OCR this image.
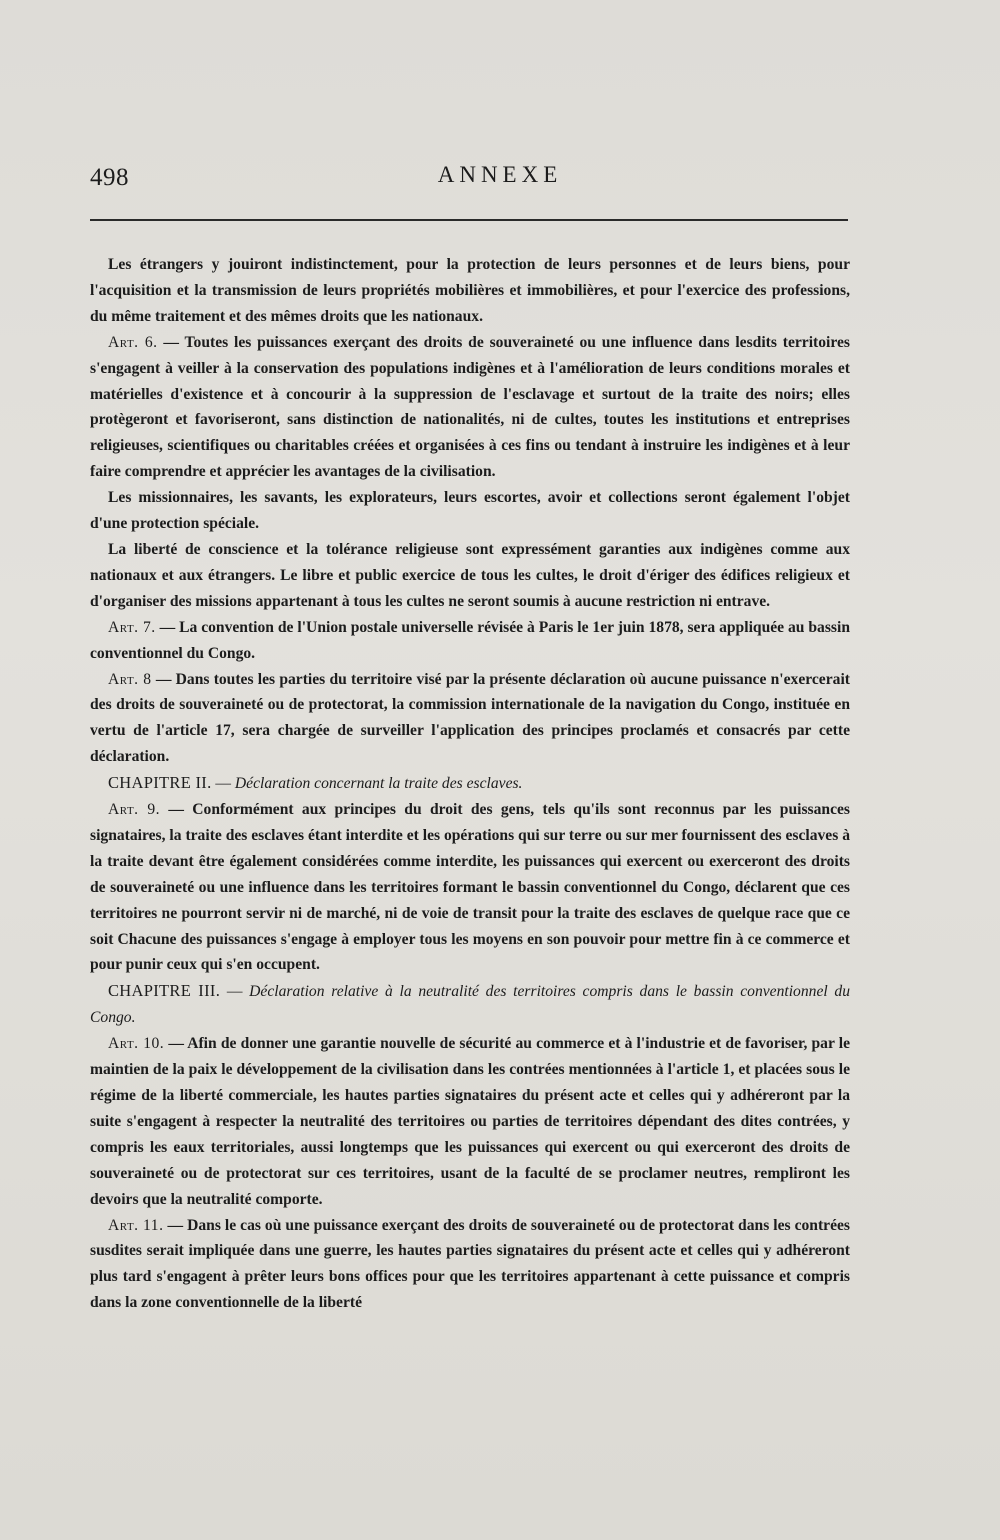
498	ANNEXE

Les étrangers y jouiront indistinctement, pour la protection de leurs personnes et de leurs biens, pour l'acquisition et la transmission de leurs propriétés mobilières et immobilières, et pour l'exercice des professions, du même traitement et des mêmes droits que les nationaux.

Art. 6. — Toutes les puissances exerçant des droits de souveraineté ou une influence dans lesdits territoires s'engagent à veiller à la conservation des populations indigènes et à l'amélioration de leurs conditions morales et matérielles d'existence et à concourir à la suppression de l'esclavage et surtout de la traite des noirs; elles protègeront et favoriseront, sans distinction de nationalités, ni de cultes, toutes les institutions et entreprises religieuses, scientifiques ou charitables créées et organisées à ces fins ou tendant à instruire les indigènes et à leur faire comprendre et apprécier les avantages de la civilisation.

Les missionnaires, les savants, les explorateurs, leurs escortes, avoir et collections seront également l'objet d'une protection spéciale.

La liberté de conscience et la tolérance religieuse sont expressément garanties aux indigènes comme aux nationaux et aux étrangers. Le libre et public exercice de tous les cultes, le droit d'ériger des édifices religieux et d'organiser des missions appartenant à tous les cultes ne seront soumis à aucune restriction ni entrave.

Art. 7. — La convention de l'Union postale universelle révisée à Paris le 1er juin 1878, sera appliquée au bassin conventionnel du Congo.

Art. 8 — Dans toutes les parties du territoire visé par la présente déclaration où aucune puissance n'exercerait des droits de souveraineté ou de protectorat, la commission internationale de la navigation du Congo, instituée en vertu de l'article 17, sera chargée de surveiller l'application des principes proclamés et consacrés par cette déclaration.

CHAPITRE II. — Déclaration concernant la traite des esclaves.

Art. 9. — Conformément aux principes du droit des gens, tels qu'ils sont reconnus par les puissances signataires, la traite des esclaves étant interdite et les opérations qui sur terre ou sur mer fournissent des esclaves à la traite devant être également considérées comme interdite, les puissances qui exercent ou exerceront des droits de souveraineté ou une influence dans les territoires formant le bassin conventionnel du Congo, déclarent que ces territoires ne pourront servir ni de marché, ni de voie de transit pour la traite des esclaves de quelque race que ce soit Chacune des puissances s'engage à employer tous les moyens en son pouvoir pour mettre fin à ce commerce et pour punir ceux qui s'en occupent.

CHAPITRE III. — Déclaration relative à la neutralité des territoires compris dans le bassin conventionnel du Congo.

Art. 10. — Afin de donner une garantie nouvelle de sécurité au commerce et à l'industrie et de favoriser, par le maintien de la paix le développement de la civilisation dans les contrées mentionnées à l'article 1, et placées sous le régime de la liberté commerciale, les hautes parties signataires du présent acte et celles qui y adhéreront par la suite s'engagent à respecter la neutralité des territoires ou parties de territoires dépendant des dites contrées, y compris les eaux territoriales, aussi longtemps que les puissances qui exercent ou qui exerceront des droits de souveraineté ou de protectorat sur ces territoires, usant de la faculté de se proclamer neutres, rempliront les devoirs que la neutralité comporte.

Art. 11. — Dans le cas où une puissance exerçant des droits de souveraineté ou de protectorat dans les contrées susdites serait impliquée dans une guerre, les hautes parties signataires du présent acte et celles qui y adhéreront plus tard s'engagent à prêter leurs bons offices pour que les territoires appartenant à cette puissance et compris dans la zone conventionnelle de la liberté
